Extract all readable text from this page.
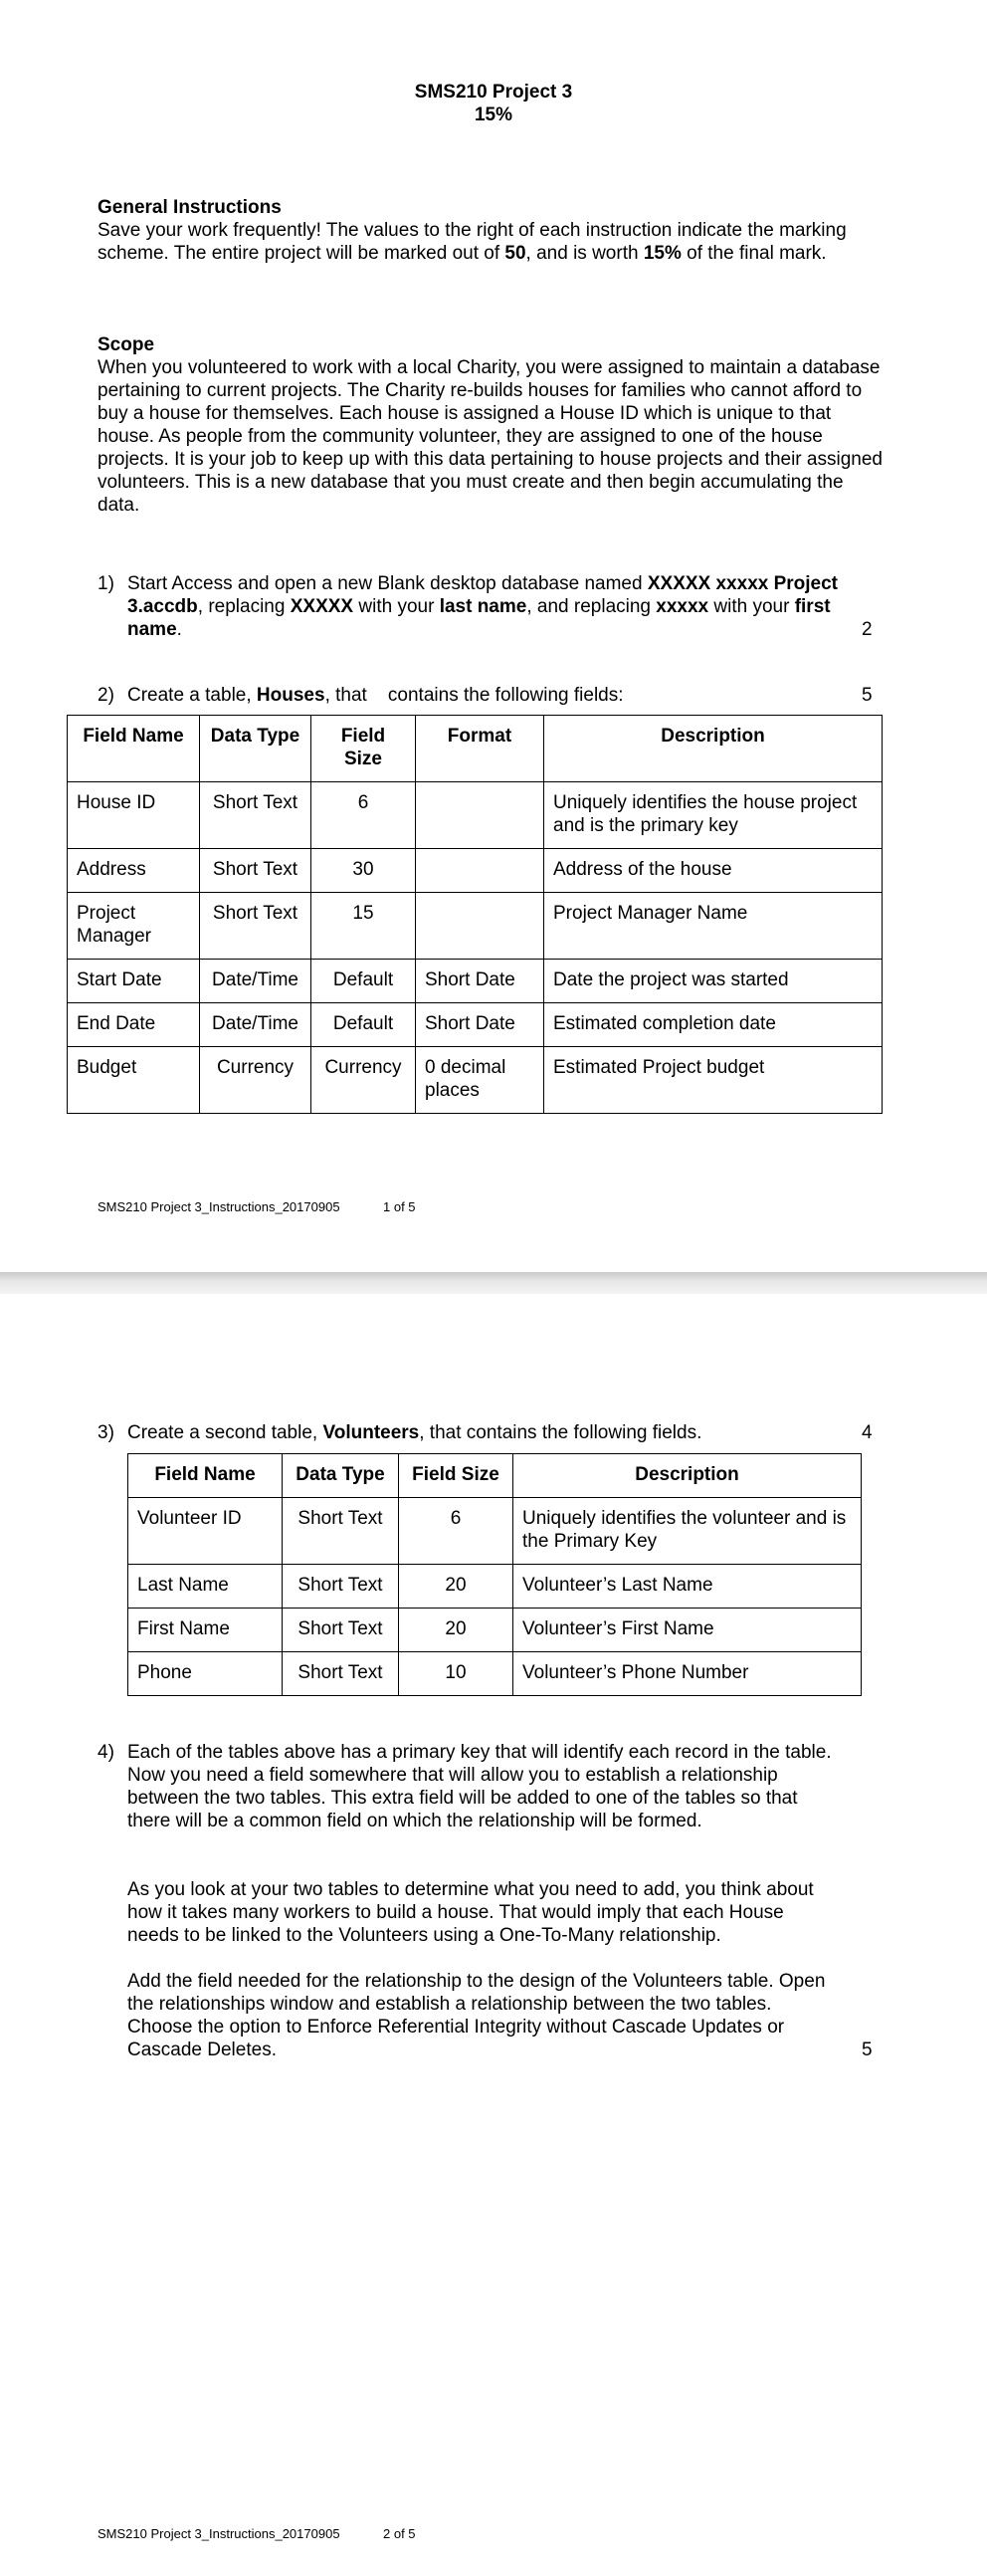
SMS210 Project 3
15%
General Instructions
Save your work frequently! The values to the right of each instruction indicate the marking scheme. The entire project will be marked out of 50, and is worth 15% of the final mark.
Scope
When you volunteered to work with a local Charity, you were assigned to maintain a database pertaining to current projects. The Charity re-builds houses for families who cannot afford to buy a house for themselves. Each house is assigned a House ID which is unique to that house. As people from the community volunteer, they are assigned to one of the house projects. It is your job to keep up with this data pertaining to house projects and their assigned volunteers. This is a new database that you must create and then begin accumulating the data.
1) Start Access and open a new Blank desktop database named XXXXX xxxxx Project 3.accdb, replacing XXXXX with your last name, and replacing xxxxx with your first name.	2
2) Create a table, Houses, that    contains the following fields:	5
Field Name	Data Type	Field Size	Format	Description
House ID	Short Text	6		Uniquely identifies the house project and is the primary key
Address	Short Text	30		Address of the house
Project Manager	Short Text	15		Project Manager Name
Start Date	Date/Time	Default	Short Date	Date the project was started
End Date	Date/Time	Default	Short Date	Estimated completion date
Budget	Currency	Currency	0 decimal places	Estimated Project budget
SMS210 Project 3_Instructions_20170905	1 of 5
3) Create a second table, Volunteers, that contains the following fields.	4
Field Name	Data Type	Field Size	Description
Volunteer ID	Short Text	6	Uniquely identifies the volunteer and is the Primary Key
Last Name	Short Text	20	Volunteer’s Last Name
First Name	Short Text	20	Volunteer’s First Name
Phone	Short Text	10	Volunteer’s Phone Number
4) Each of the tables above has a primary key that will identify each record in the table. Now you need a field somewhere that will allow you to establish a relationship between the two tables. This extra field will be added to one of the tables so that there will be a common field on which the relationship will be formed.
As you look at your two tables to determine what you need to add, you think about how it takes many workers to build a house. That would imply that each House needs to be linked to the Volunteers using a One-To-Many relationship.
Add the field needed for the relationship to the design of the Volunteers table. Open the relationships window and establish a relationship between the two tables. Choose the option to Enforce Referential Integrity without Cascade Updates or Cascade Deletes.	5
SMS210 Project 3_Instructions_20170905	2 of 5
